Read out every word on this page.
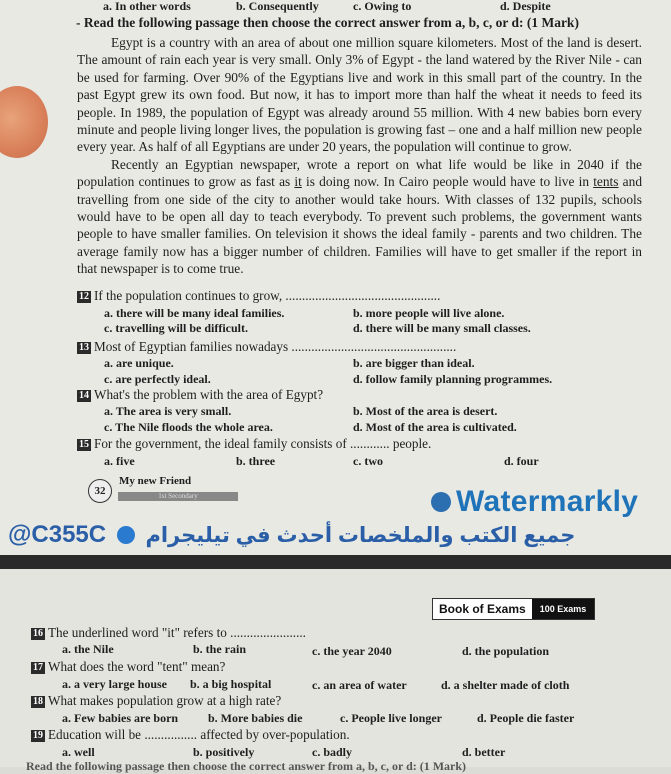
a. In other words	b. Consequently	c. Owing to	d. Despite
- Read the following passage then choose the correct answer from a, b, c, or d: (1 Mark)

Egypt is a country with an area of about one million square kilometers. Most of the land is desert. The amount of rain each year is very small. Only 3% of Egypt - the land watered by the River Nile - can be used for farming. Over 90% of the Egyptians live and work in this small part of the country. In the past Egypt grew its own food. But now, it has to import more than half the wheat it needs to feed its people. In 1989, the population of Egypt was already around 55 million. With 4 new babies born every minute and people living longer lives, the population is growing fast – one and a half million new people every year. As half of all Egyptians are under 20 years, the population will continue to grow.

Recently an Egyptian newspaper, wrote a report on what life would be like in 2040 if the population continues to grow as fast as it is doing now. In Cairo people would have to live in tents and travelling from one side of the city to another would take hours. With classes of 132 pupils, schools would have to be open all day to teach everybody. To prevent such problems, the government wants people to have smaller families. On television it shows the ideal family - parents and two children. The average family now has a bigger number of children. Families will have to get smaller if the report in that newspaper is to come true.

12 If the population continues to grow, ...............................................
a. there will be many ideal families.	b. more people will live alone.
c. travelling will be difficult.	d. there will be many small classes.
13 Most of Egyptian families nowadays ..................................................
a. are unique.	b. are bigger than ideal.
c. are perfectly ideal.	d. follow family planning programmes.
14 What's the problem with the area of Egypt?
a. The area is very small.	b. Most of the area is desert.
c. The Nile floods the whole area.	d. Most of the area is cultivated.
15 For the government, the ideal family consists of ............ people.
a. five	b. three	c. two	d. four
32
My new Friend
1st Secondary	Watermarkly
@C355C جميع الكتب والملخصات أحدث في تيليجرام
Book of Exams	100 Exams
16 The underlined word "it" refers to .......................
a. the Nile	b. the rain	c. the year 2040	d. the population
17 What does the word "tent" mean?
a. a very large house b. a big hospital	c. an area of water	d. a shelter made of cloth
18 What makes population grow at a high rate?
a. Few babies are born b. More babies die	c. People live longer	d. People die faster
19 Education will be ................ affected by over-population.
a. well	b. positively	c. badly	d. better
Read the following passage then choose the correct answer from a, b, c, or d: (1 Mark)
